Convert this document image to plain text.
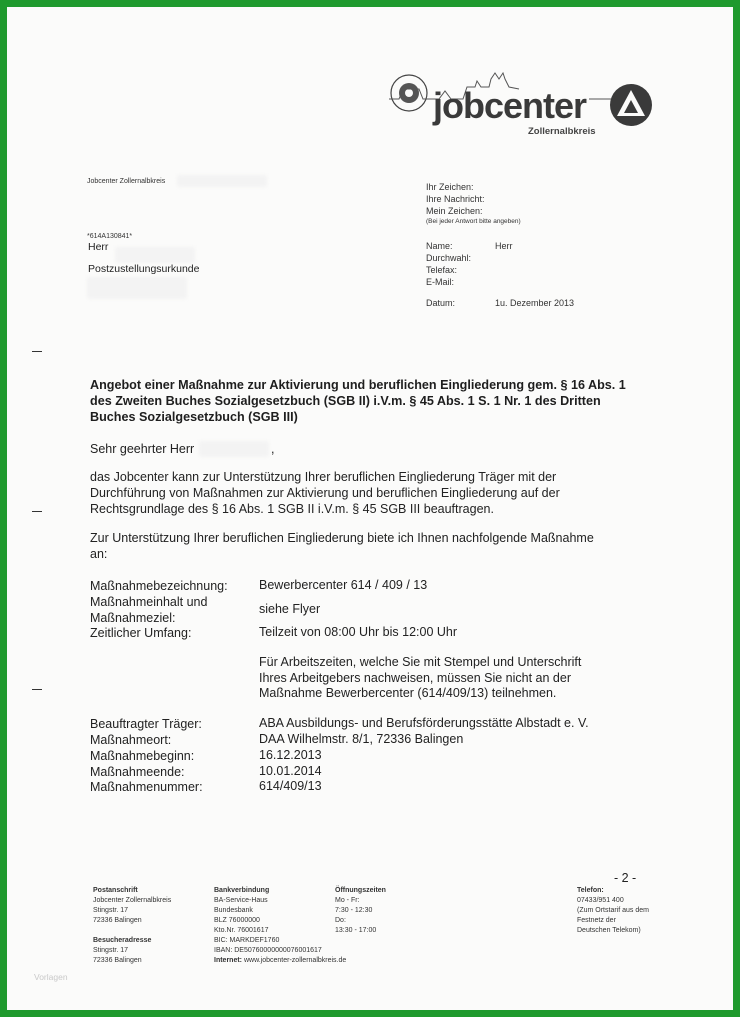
jobcenter
Zollernalbkreis
Jobcenter Zollernalbkreis
*614A130841*
Herr
Postzustellungsurkunde
Ihr Zeichen:
Ihre Nachricht:
Mein Zeichen:
(Bei jeder Antwort bitte angeben)
Name:	Herr
Durchwahl:
Telefax:
E-Mail:
Datum:	1u. Dezember 2013
Angebot einer Maßnahme zur Aktivierung und beruflichen Eingliederung gem. § 16 Abs. 1
des Zweiten Buches Sozialgesetzbuch (SGB II) i.V.m. § 45 Abs. 1 S. 1 Nr. 1 des Dritten
Buches Sozialgesetzbuch (SGB III)
Sehr geehrter Herr	,
das Jobcenter kann zur Unterstützung Ihrer beruflichen Eingliederung Träger mit der
Durchführung von Maßnahmen zur Aktivierung und beruflichen Eingliederung auf der
Rechtsgrundlage des § 16 Abs. 1 SGB II i.V.m. § 45 SGB III beauftragen.
Zur Unterstützung Ihrer beruflichen Eingliederung biete ich Ihnen nachfolgende Maßnahme
an:
Maßnahmebezeichnung:	Bewerbercenter 614 / 409 / 13
Maßnahmeinhalt und
Maßnahmeziel:
siehe Flyer
Zeitlicher Umfang:	Teilzeit von 08:00 Uhr bis 12:00 Uhr
Für Arbeitszeiten, welche Sie mit Stempel und Unterschrift
Ihres Arbeitgebers nachweisen, müssen Sie nicht an der
Maßnahme Bewerbercenter (614/409/13) teilnehmen.
Beauftragter Träger:	ABA Ausbildungs- und Berufsförderungsstätte Albstadt e. V.
Maßnahmeort:	DAA Wilhelmstr. 8/1, 72336 Balingen
Maßnahmebeginn:	16.12.2013
Maßnahmeende:	10.01.2014
Maßnahmenummer:	614/409/13
- 2 -
Postanschrift
Jobcenter Zollernalbkreis
Stingstr. 17
72336 Balingen
Besucheradresse
Stingstr. 17
72336 Balingen
Bankverbindung
BA-Service-Haus
Bundesbank
BLZ 76000000
Kto.Nr. 76001617
BIC: MARKDEF1760
IBAN: DE50760000000076001617
Internet: www.jobcenter-zollernalbkreis.de
Öffnungszeiten
Mo - Fr:
7:30 - 12:30
Do:
13:30 - 17:00
Telefon:
07433/951 400
(Zum Ortstarif aus dem
Festnetz der
Deutschen Telekom)
Vorlagen
